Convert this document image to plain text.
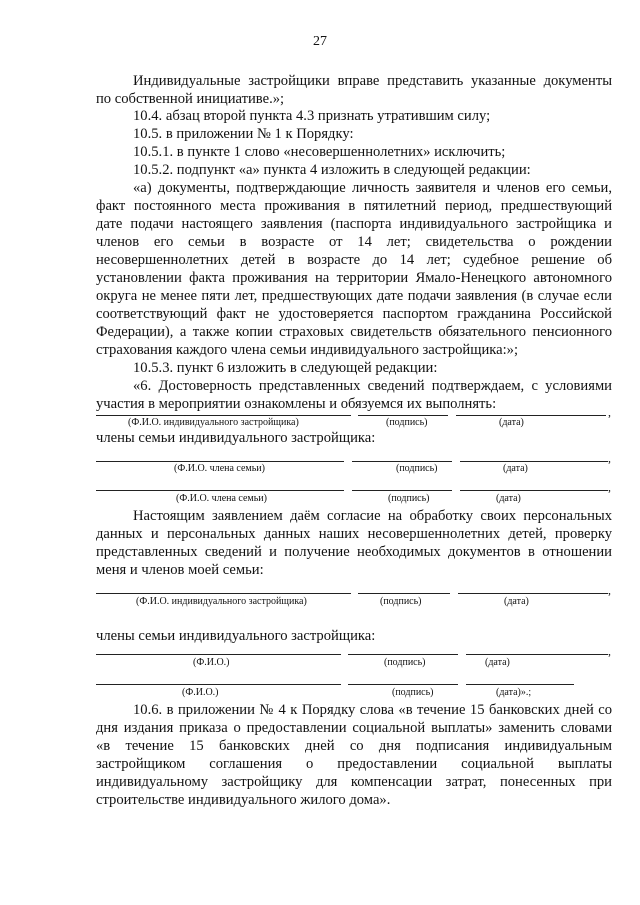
27
Индивидуальные застройщики вправе представить указанные документы
по собственной инициативе.»;
10.4. абзац второй пункта 4.3 признать утратившим силу;
10.5. в приложении № 1 к Порядку:
10.5.1. в пункте 1 слово «несовершеннолетних» исключить;
10.5.2. подпункт «а» пункта 4 изложить в следующей редакции:
«а) документы, подтверждающие личность заявителя и членов его семьи,
факт постоянного места проживания в пятилетний период, предшествующий
дате подачи настоящего заявления (паспорта индивидуального застройщика и
членов его семьи в возрасте от 14 лет; свидетельства о рождении
несовершеннолетних детей в возрасте до 14 лет; судебное решение об
установлении факта проживания на территории Ямало-Ненецкого автономного
округа не менее пяти лет, предшествующих дате подачи заявления (в случае если
соответствующий факт не удостоверяется паспортом гражданина Российской
Федерации), а также копии страховых свидетельств обязательного пенсионного
страхования каждого члена семьи индивидуального застройщика:»;
10.5.3. пункт 6 изложить в следующей редакции:
«6. Достоверность представленных сведений подтверждаем, с условиями
участия в мероприятии ознакомлены и обязуемся их выполнять:	,
(Ф.И.О. индивидуального застройщика)	(подпись)	(дата)
члены семьи индивидуального застройщика:
,
(Ф.И.О. члена семьи)	(подпись)	(дата)
,
(Ф.И.О. члена семьи)	(подпись)	(дата)
Настоящим заявлением даём согласие на обработку своих персональных
данных и персональных данных наших несовершеннолетних детей, проверку
представленных сведений и получение необходимых документов в отношении
меня и членов моей семьи:
,
(Ф.И.О. индивидуального застройщика)	(подпись)	(дата)
члены семьи индивидуального застройщика:
,
(Ф.И.О.)	(подпись)	(дата)
(Ф.И.О.)	(подпись)	(дата)».;
10.6. в приложении № 4 к Порядку слова «в течение 15 банковских дней со
дня издания приказа о предоставлении социальной выплаты» заменить словами
«в течение 15 банковских дней со дня подписания индивидуальным
застройщиком соглашения о предоставлении социальной выплаты
индивидуальному застройщику для компенсации затрат, понесенных при
строительстве индивидуального жилого дома».
